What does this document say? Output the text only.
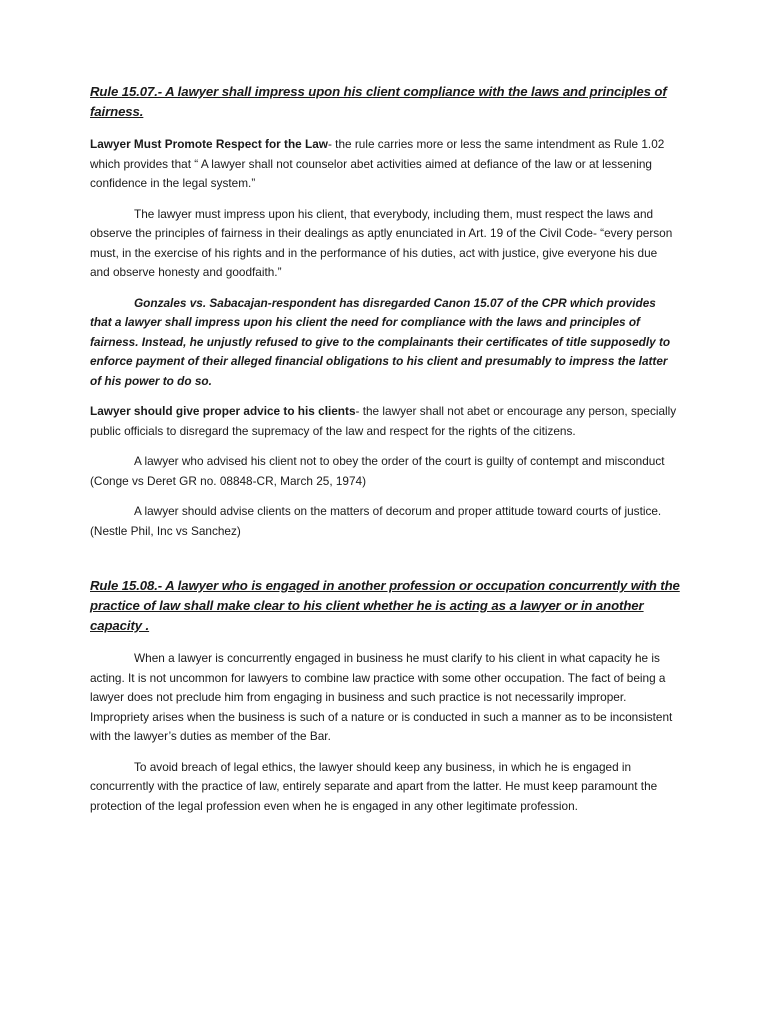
Rule 15.07.- A lawyer shall impress upon his client compliance with the laws and principles of fairness.

Lawyer Must Promote Respect for the Law- the rule carries more or less the same intendment as Rule 1.02 which provides that “ A lawyer shall not counselor abet activities aimed at defiance of the law or at lessening confidence in the legal system.”

The lawyer must impress upon his client, that everybody, including them, must respect the laws and observe the principles of fairness in their dealings as aptly enunciated in Art. 19 of the Civil Code- “every person must, in the exercise of his rights and in the performance of his duties, act with justice, give everyone his due and observe honesty and goodfaith.”

Gonzales vs. Sabacajan-respondent has disregarded Canon 15.07 of the CPR which provides that a lawyer shall impress upon his client the need for compliance with the laws and principles of fairness. Instead, he unjustly refused to give to the complainants their certificates of title supposedly to enforce payment of their alleged financial obligations to his client and presumably to impress the latter of his power to do so.

Lawyer should give proper advice to his clients- the lawyer shall not abet or encourage any person, specially public officials to disregard the supremacy of the law and respect for the rights of the citizens.

A lawyer who advised his client not to obey the order of the court is guilty of contempt and misconduct (Conge vs Deret GR no. 08848-CR, March 25, 1974)

A lawyer should advise clients on the matters of decorum and proper attitude toward courts of justice.(Nestle Phil, Inc vs Sanchez)

Rule 15.08.- A lawyer who is engaged in another profession or occupation concurrently with the practice of law shall make clear to his client whether he is acting as a lawyer or in another capacity .

When a lawyer is concurrently engaged in business he must clarify to his client in what capacity he is acting. It is not uncommon for lawyers to combine law practice with some other occupation. The fact of being a lawyer does not preclude him from engaging in business and such practice is not necessarily improper. Impropriety arises when the business is such of a nature or is conducted in such a manner as to be inconsistent with the lawyer’s duties as member of the Bar.

To avoid breach of legal ethics, the lawyer should keep any business, in which he is engaged in concurrently with the practice of law, entirely separate and apart from the latter. He must keep paramount the protection of the legal profession even when he is engaged in any other legitimate profession.
